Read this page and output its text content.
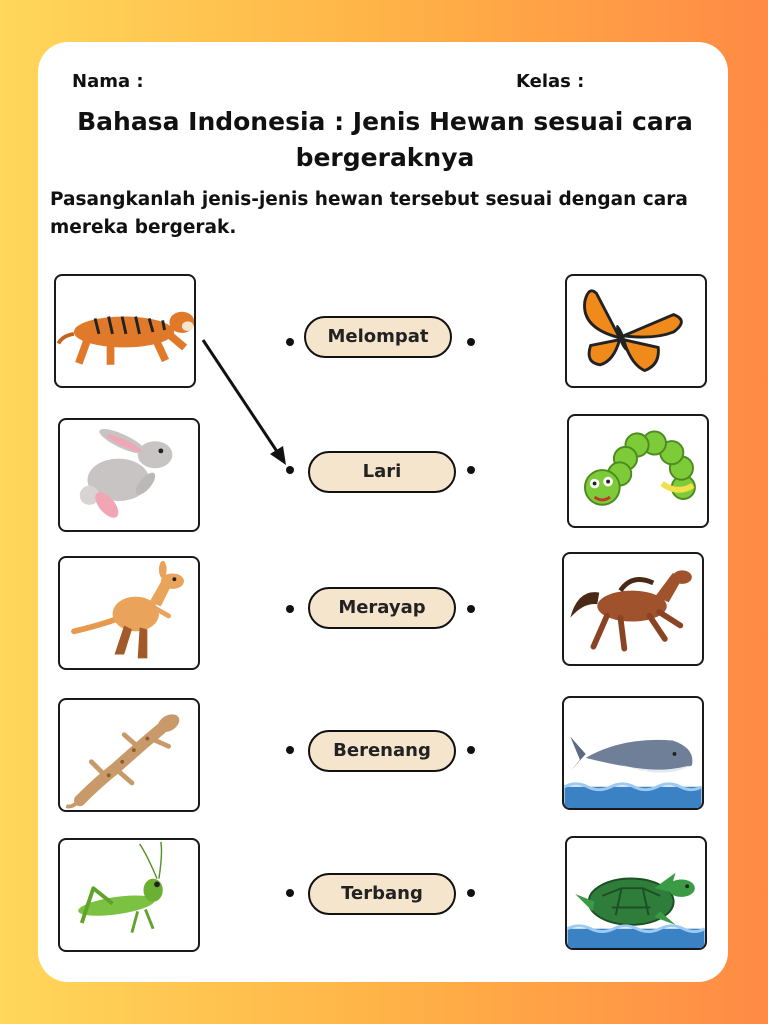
Nama :	Kelas :
Bahasa Indonesia : Jenis Hewan sesuai cara bergeraknya
Pasangkanlah jenis-jenis hewan tersebut sesuai dengan cara mereka bergerak.
Melompat
Lari
Merayap
Berenang
Terbang
